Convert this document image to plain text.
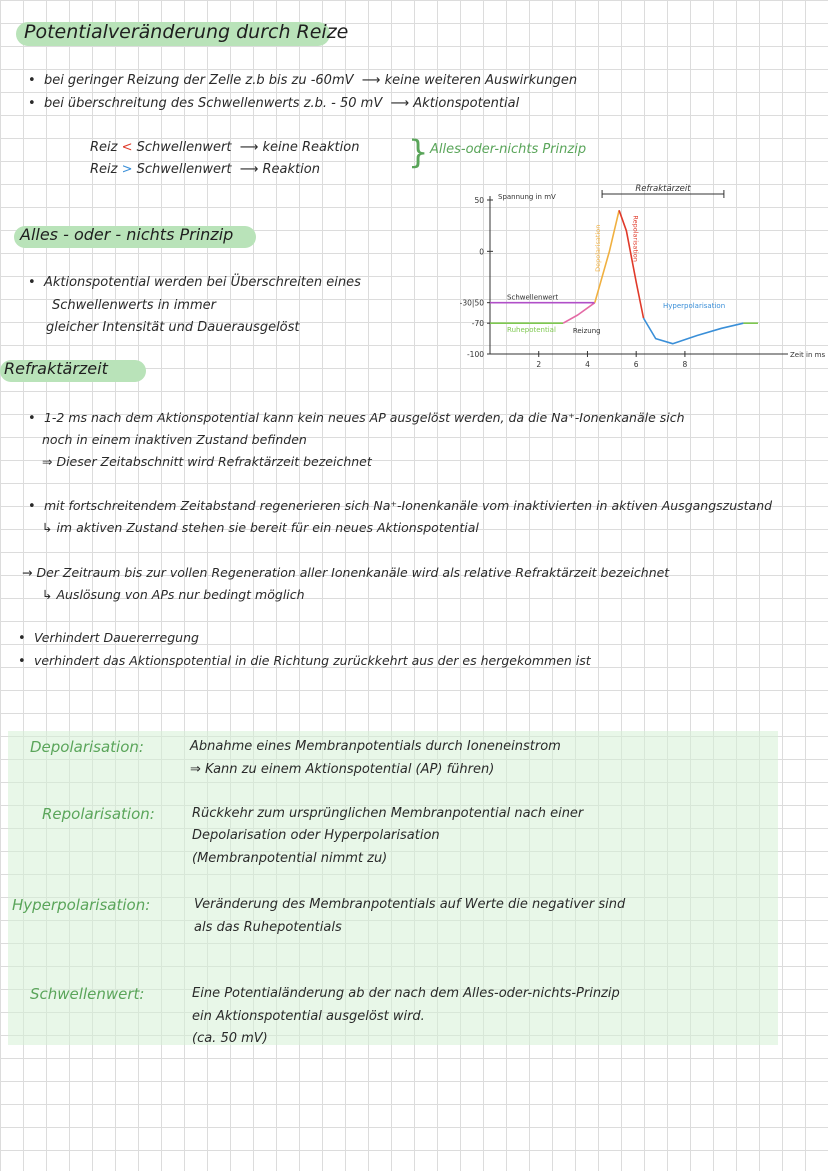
Potentialveränderung durch Reize
•  bei geringer Reizung der Zelle z.b bis zu -60mV  ⟶ keine weiteren Auswirkungen
•  bei überschreitung des Schwellenwerts z.b. - 50 mV  ⟶ Aktionspotential
Reiz < Schwellenwert  ⟶ keine Reaktion
Reiz > Schwellenwert  ⟶ Reaktion	} Alles-oder-nichts Prinzip
Alles - oder - nichts Prinzip
•  Aktionspotential werden bei Überschreiten eines
Schwellenwerts in immer
gleicher Intensität und Dauerausgelöst
Refraktärzeit
Zeit in ms
Spannung in mV
50
0
-30|50
-70
-100
2	4	6	8
Refraktärzeit
Schwellenwert
Ruhepotential Reizung
Hyperpolarisation
Depolarisation	Repolarisation
•  1-2 ms nach dem Aktionspotential kann kein neues AP ausgelöst werden, da die Na⁺-Ionenkanäle sich
noch in einem inaktiven Zustand befinden
⇒ Dieser Zeitabschnitt wird Refraktärzeit bezeichnet
•  mit fortschreitendem Zeitabstand regenerieren sich Na⁺-Ionenkanäle vom inaktivierten in aktiven Ausgangszustand
↳ im aktiven Zustand stehen sie bereit für ein neues Aktionspotential
→ Der Zeitraum bis zur vollen Regeneration aller Ionenkanäle wird als relative Refraktärzeit bezeichnet
↳ Auslösung von APs nur bedingt möglich
•  Verhindert Dauererregung
•  verhindert das Aktionspotential in die Richtung zurückkehrt aus der es hergekommen ist
Depolarisation:	Abnahme eines Membranpotentials durch Ioneneinstrom
⇒ Kann zu einem Aktionspotential (AP) führen)
Repolarisation:	Rückkehr zum ursprünglichen Membranpotential nach einer
Depolarisation oder Hyperpolarisation
(Membranpotential nimmt zu)
Hyperpolarisation:	Veränderung des Membranpotentials auf Werte die negativer sind
als das Ruhepotentials
Schwellenwert:	Eine Potentialänderung ab der nach dem Alles-oder-nichts-Prinzip
ein Aktionspotential ausgelöst wird.
(ca. 50 mV)
